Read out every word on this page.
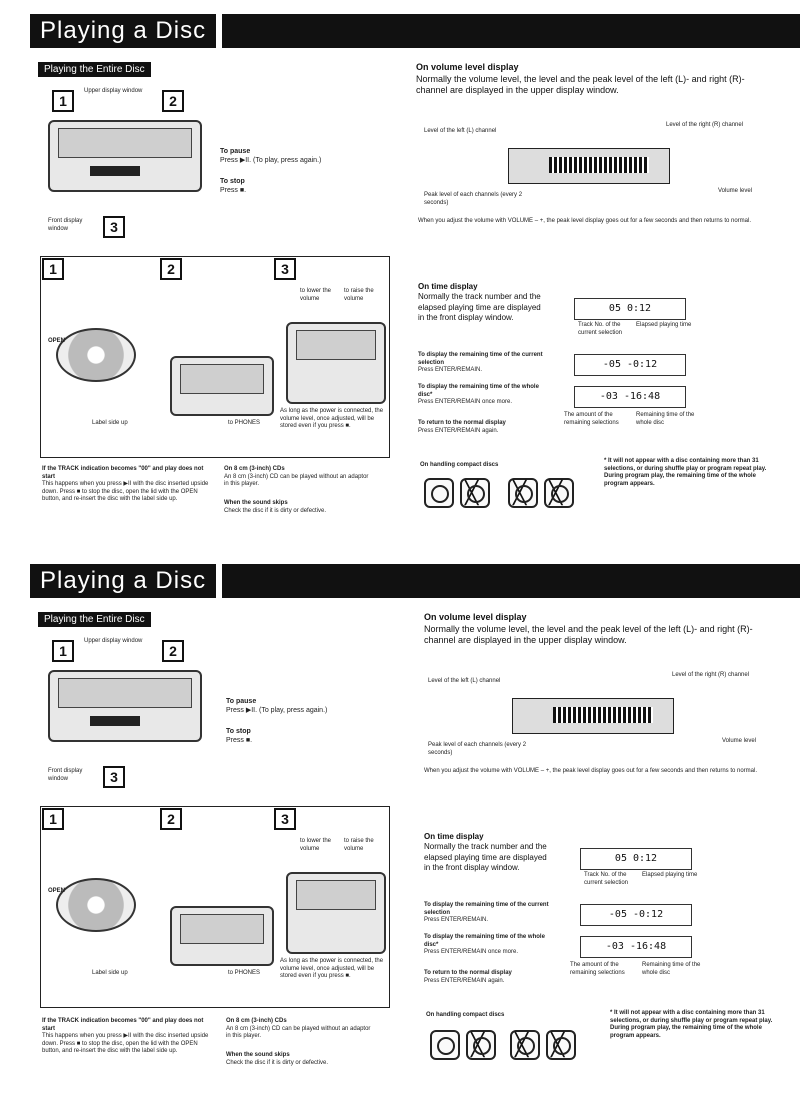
Playing a Disc
Playing the Entire Disc
1	2
Upper display window
Front display window	3
To pause
Press ▶II. (To play, press again.)
To stop
Press ■.
1	2	3
OPEN
Label side up	to PHONES
to lower the volume
to raise the volume
As long as the power is connected, the volume level, once adjusted, will be stored even if you press ■.
On volume level display
Normally the volume level, the level and the peak level of the left (L)- and right (R)-channel are displayed in the upper display window.
Level of the left (L) channel
Level of the right (R) channel
Peak level of each channels (every 2 seconds)
Volume level
When you adjust the volume with VOLUME – +, the peak level display goes out for a few seconds and then returns to normal.
On time display
Normally the track number and the elapsed playing time are displayed in the front display window.
05 0:12
Track No. of the current selection
Elapsed playing time
To display the remaining time of the current selection
Press ENTER/REMAIN.	-05 -0:12
To display the remaining time of the whole disc*
Press ENTER/REMAIN once more.	-03 -16:48
The amount of the remaining selections
Remaining time of the whole disc
To return to the normal display
Press ENTER/REMAIN again.
On handling compact discs
╳
╳
╳
* It will not appear with a disc containing more than 31 selections, or during shuffle play or program repeat play. During program play, the remaining time of the whole program appears.
If the TRACK indication becomes "00" and play does not start
This happens when you press ▶II with the disc inserted upside down. Press ■ to stop the disc, open the lid with the OPEN button, and re-insert the disc with the label side up.
On 8 cm (3-inch) CDs
An 8 cm (3-inch) CD can be played without an adaptor in this player.
When the sound skips
Check the disc if it is dirty or defective.
Playing a Disc
Playing the Entire Disc
1	2
Upper display window
Front display window	3
To pause
Press ▶II. (To play, press again.)
To stop
Press ■.
1	2	3
OPEN
Label side up	to PHONES
to lower the volume
to raise the volume
As long as the power is connected, the volume level, once adjusted, will be stored even if you press ■.
On volume level display
Normally the volume level, the level and the peak level of the left (L)- and right (R)-channel are displayed in the upper display window.
Level of the left (L) channel
Level of the right (R) channel
Peak level of each channels (every 2 seconds)
Volume level
When you adjust the volume with VOLUME – +, the peak level display goes out for a few seconds and then returns to normal.
On time display
Normally the track number and the elapsed playing time are displayed in the front display window.
05 0:12
Track No. of the current selection
Elapsed playing time
To display the remaining time of the current selection
Press ENTER/REMAIN.	-05 -0:12
To display the remaining time of the whole disc*
Press ENTER/REMAIN once more.	-03 -16:48
The amount of the remaining selections
Remaining time of the whole disc
To return to the normal display
Press ENTER/REMAIN again.
On handling compact discs
╳
╳
╳	* It will not appear with a disc containing more than 31 selections, or during shuffle play or program repeat play. During program play, the remaining time of the whole program appears.
If the TRACK indication becomes "00" and play does not start
This happens when you press ▶II with the disc inserted upside down. Press ■ to stop the disc, open the lid with the OPEN button, and re-insert the disc with the label side up.
On 8 cm (3-inch) CDs
An 8 cm (3-inch) CD can be played without an adaptor in this player.
When the sound skips
Check the disc if it is dirty or defective.
